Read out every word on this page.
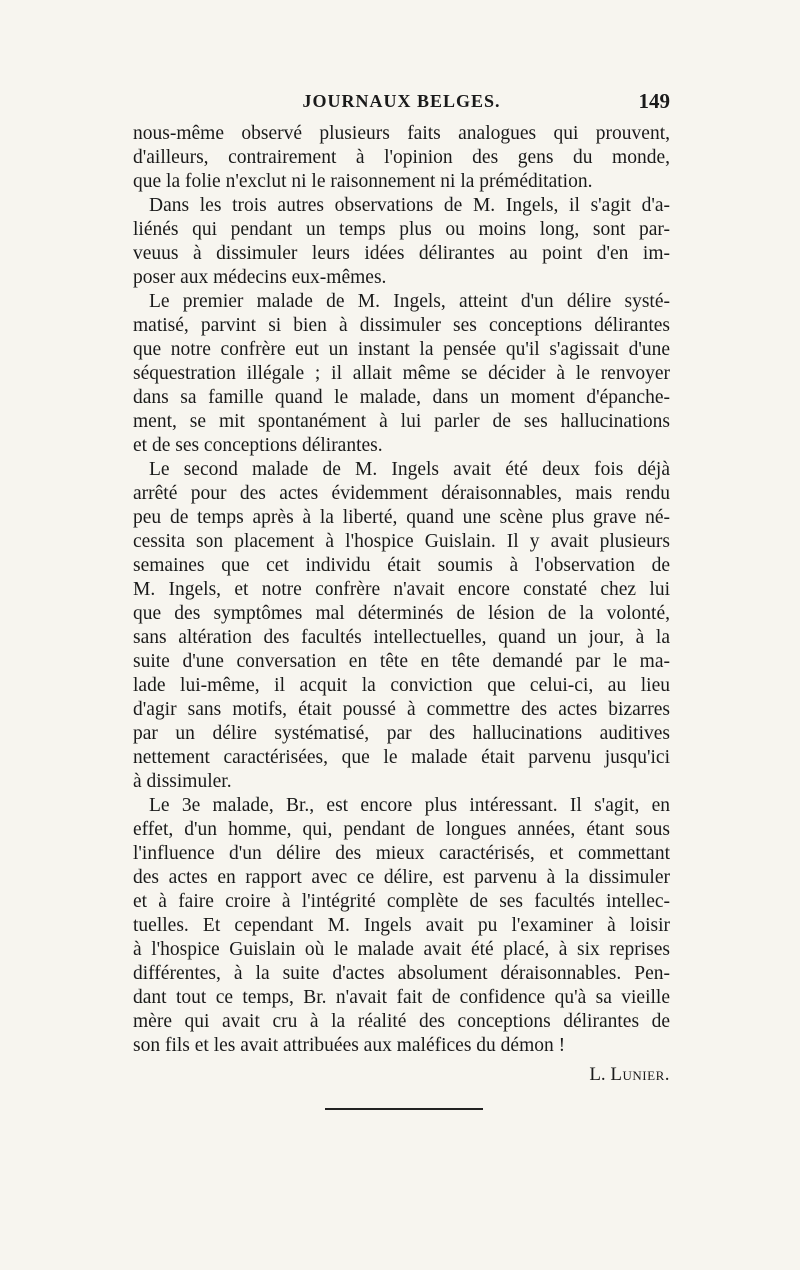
JOURNAUX BELGES.	149
nous-même observé plusieurs faits analogues qui prouvent,
d'ailleurs, contrairement à l'opinion des gens du monde,
que la folie n'exclut ni le raisonnement ni la préméditation.
Dans les trois autres observations de M. Ingels, il s'agit d'a-
liénés qui pendant un temps plus ou moins long, sont par-
veuus à dissimuler leurs idées délirantes au point d'en im-
poser aux médecins eux-mêmes.
Le premier malade de M. Ingels, atteint d'un délire systé-
matisé, parvint si bien à dissimuler ses conceptions délirantes
que notre confrère eut un instant la pensée qu'il s'agissait d'une
séquestration illégale ; il allait même se décider à le renvoyer
dans sa famille quand le malade, dans un moment d'épanche-
ment, se mit spontanément à lui parler de ses hallucinations
et de ses conceptions délirantes.
Le second malade de M. Ingels avait été deux fois déjà
arrêté pour des actes évidemment déraisonnables, mais rendu
peu de temps après à la liberté, quand une scène plus grave né-
cessita son placement à l'hospice Guislain. Il y avait plusieurs
semaines que cet individu était soumis à l'observation de
M. Ingels, et notre confrère n'avait encore constaté chez lui
que des symptômes mal déterminés de lésion de la volonté,
sans altération des facultés intellectuelles, quand un jour, à la
suite d'une conversation en tête en tête demandé par le ma-
lade lui-même, il acquit la conviction que celui-ci, au lieu
d'agir sans motifs, était poussé à commettre des actes bizarres
par un délire systématisé, par des hallucinations auditives
nettement caractérisées, que le malade était parvenu jusqu'ici
à dissimuler.
Le 3e malade, Br., est encore plus intéressant. Il s'agit, en
effet, d'un homme, qui, pendant de longues années, étant sous
l'influence d'un délire des mieux caractérisés, et commettant
des actes en rapport avec ce délire, est parvenu à la dissimuler
et à faire croire à l'intégrité complète de ses facultés intellec-
tuelles. Et cependant M. Ingels avait pu l'examiner à loisir
à l'hospice Guislain où le malade avait été placé, à six reprises
différentes, à la suite d'actes absolument déraisonnables. Pen-
dant tout ce temps, Br. n'avait fait de confidence qu'à sa vieille
mère qui avait cru à la réalité des conceptions délirantes de
son fils et les avait attribuées aux maléfices du démon !
L. Lunier.
